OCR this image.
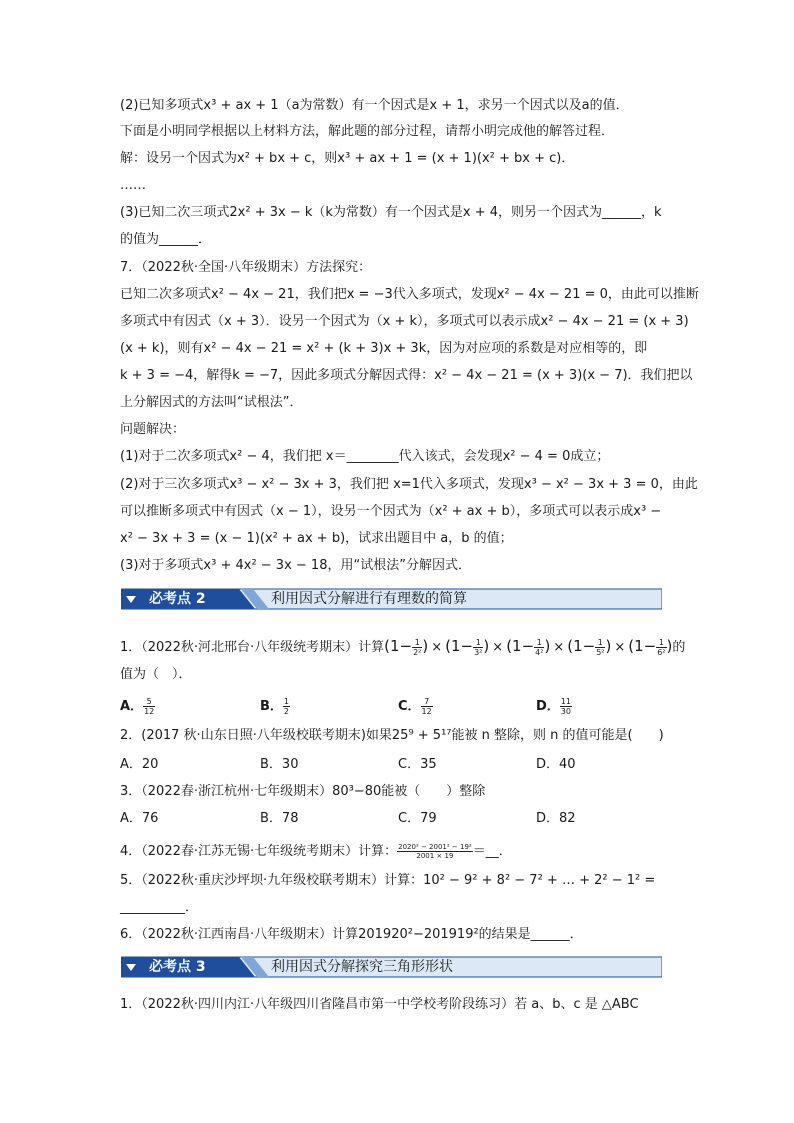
(2)已知多项式x³ + ax + 1（a为常数）有一个因式是x + 1，求另一个因式以及a的值．
下面是小明同学根据以上材料方法，解此题的部分过程，请帮小明完成他的解答过程．
解：设另一个因式为x² + bx + c，则x³ + ax + 1 = (x + 1)(x² + bx + c)．
……
(3)已知二次三项式2x² + 3x − k（k为常数）有一个因式是x + 4，则另一个因式为______，k
的值为______．
7．（2022秋·全国·八年级期末）方法探究：
已知二次多项式x² − 4x − 21，我们把x = −3代入多项式，发现x² − 4x − 21 = 0，由此可以推断
多项式中有因式（x + 3）．设另一个因式为（x + k），多项式可以表示成x² − 4x − 21 = (x + 3)
(x + k)，则有x² − 4x − 21 = x² + (k + 3)x + 3k，因为对应项的系数是对应相等的，即
k + 3 = −4，解得k = −7，因此多项式分解因式得：x² − 4x − 21 = (x + 3)(x − 7)．我们把以
上分解因式的方法叫“试根法”．
问题解决：
(1)对于二次多项式x² − 4，我们把 x＝________代入该式，会发现x² − 4 = 0成立；
(2)对于三次多项式x³ − x² − 3x + 3，我们把 x=1代入多项式，发现x³ − x² − 3x + 3 = 0，由此
可以推断多项式中有因式（x − 1），设另一个因式为（x² + ax + b），多项式可以表示成x³ −
x² − 3x + 3 = (x − 1)(x² + ax + b)，试求出题目中 a，b 的值；
(3)对于多项式x³ + 4x² − 3x − 18，用“试根法”分解因式．
必考点 2	利用因式分解进行有理数的简算
1．（2022秋·河北邢台·八年级统考期末）计算($1- \frac{1}{\text{2²}}$ ) × ($1- \frac{1}{\text{3²}}$ ) × ($1- \frac{1}{\text{4²}}$ ) × ($1- \frac{1}{\text{5²}}$ ) × ($1- \frac{1}{\text{6²}}$ )的
值为（　）．
A． $\frac{5}{12}$	B． $\frac{1}{2}$	C． $\frac{7}{12}$	D． $\frac{11}{30}$
2．(2017 秋·山东日照·八年级校联考期末)如果25⁹ + 5¹⁷能被 n 整除，则 n 的值可能是(　　)
A．20	B．30	C．35	D．40
3．（2022春·浙江杭州·七年级期末）80³−80能被（　　）整除
A．76	B．78	C．79	D．82
4．（2022春·江苏无锡·七年级统考期末）计算： $\frac{\text{2020² − 2001² − 19²}}{2001 \times 19}$ ＝__．
5．（2022秋·重庆沙坪坝·九年级校联考期末）计算：10² − 9² + 8² − 7² + … + 2² − 1² =
__________．
6．（2022秋·江西南昌·八年级期末）计算201920²−201919²的结果是______．
必考点 3	利用因式分解探究三角形形状
1．（2022秋·四川内江·八年级四川省隆昌市第一中学校考阶段练习）若 a、b、c 是 △ABC
